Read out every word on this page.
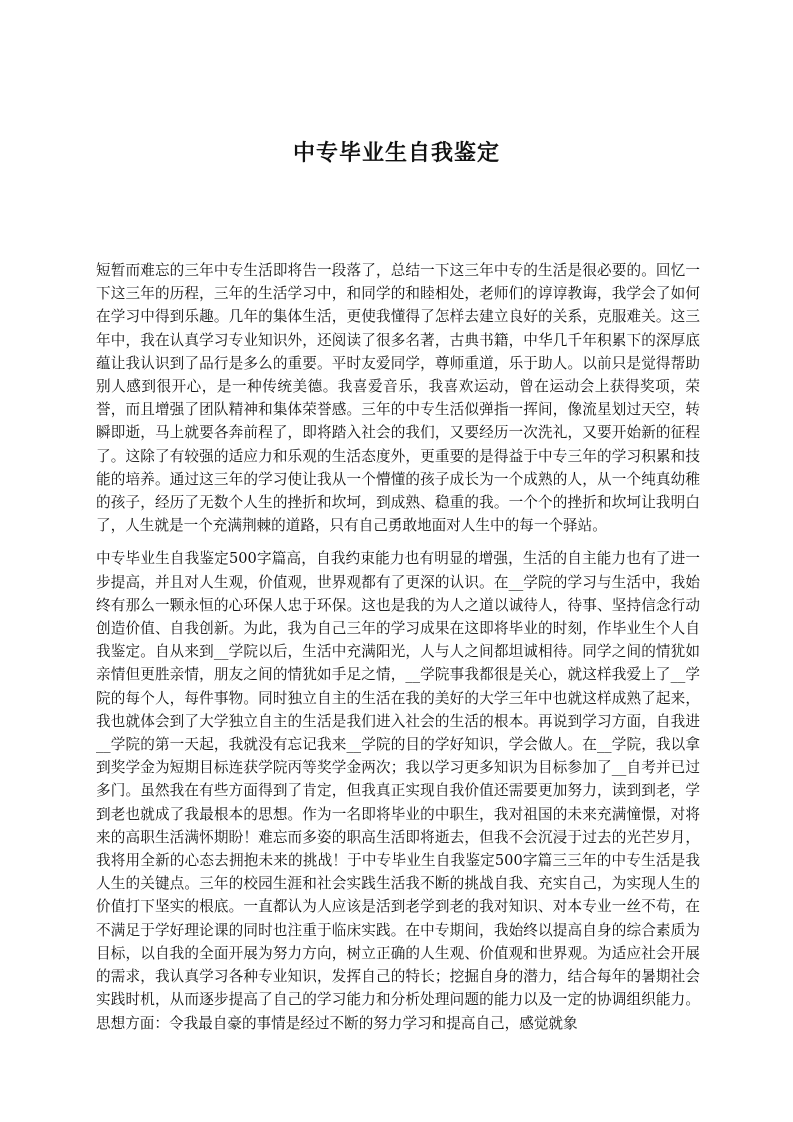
中专毕业生自我鉴定

短暂而难忘的三年中专生活即将告一段落了，总结一下这三年中专的生活是很必要的。回忆一下这三年的历程，三年的生活学习中，和同学的和睦相处，老师们的谆谆教诲，我学会了如何在学习中得到乐趣。几年的集体生活，更使我懂得了怎样去建立良好的关系，克服难关。这三年中，我在认真学习专业知识外，还阅读了很多名著，古典书籍，中华几千年积累下的深厚底蕴让我认识到了品行是多么的重要。平时友爱同学，尊师重道，乐于助人。以前只是觉得帮助别人感到很开心，是一种传统美德。我喜爱音乐，我喜欢运动，曾在运动会上获得奖项，荣誉，而且增强了团队精神和集体荣誉感。三年的中专生活似弹指一挥间，像流星划过天空，转瞬即逝，马上就要各奔前程了，即将踏入社会的我们，又要经历一次洗礼，又要开始新的征程了。这除了有较强的适应力和乐观的生活态度外，更重要的是得益于中专三年的学习积累和技能的培养。通过这三年的学习使让我从一个懵懂的孩子成长为一个成熟的人，从一个纯真幼稚的孩子，经历了无数个人生的挫折和坎坷，到成熟、稳重的我。一个个的挫折和坎坷让我明白了，人生就是一个充满荆棘的道路，只有自己勇敢地面对人生中的每一个驿站。

中专毕业生自我鉴定500字篇高，自我约束能力也有明显的增强，生活的自主能力也有了进一步提高，并且对人生观，价值观，世界观都有了更深的认识。在__学院的学习与生活中，我始终有那么一颗永恒的心环保人忠于环保。这也是我的为人之道以诚待人，待事、坚持信念行动创造价值、自我创新。为此，我为自己三年的学习成果在这即将毕业的时刻，作毕业生个人自我鉴定。自从来到__学院以后，生活中充满阳光，人与人之间都坦诚相待。同学之间的情犹如亲情但更胜亲情，朋友之间的情犹如手足之情，__学院事我都很是关心，就这样我爱上了__学院的每个人，每件事物。同时独立自主的生活在我的美好的大学三年中也就这样成熟了起来，我也就体会到了大学独立自主的生活是我们进入社会的生活的根本。再说到学习方面，自我进__学院的第一天起，我就没有忘记我来__学院的目的学好知识，学会做人。在__学院，我以拿到奖学金为短期目标连获学院丙等奖学金两次；我以学习更多知识为目标参加了__自考并已过多门。虽然我在有些方面得到了肯定，但我真正实现自我价值还需要更加努力，读到到老，学到老也就成了我最根本的思想。作为一名即将毕业的中职生，我对祖国的未来充满憧憬，对将来的高职生活满怀期盼！难忘而多姿的职高生活即将逝去，但我不会沉浸于过去的光芒岁月，我将用全新的心态去拥抱未来的挑战！于中专毕业生自我鉴定500字篇三三年的中专生活是我人生的关键点。三年的校园生涯和社会实践生活我不断的挑战自我、充实自己，为实现人生的价值打下坚实的根底。一直都认为人应该是活到老学到老的我对知识、对本专业一丝不苟，在不满足于学好理论课的同时也注重于临床实践。在中专期间，我始终以提高自身的综合素质为目标，以自我的全面开展为努力方向，树立正确的人生观、价值观和世界观。为适应社会开展的需求，我认真学习各种专业知识，发挥自己的特长；挖掘自身的潜力，结合每年的暑期社会实践时机，从而逐步提高了自己的学习能力和分析处理问题的能力以及一定的协调组织能力。思想方面：令我最自豪的事情是经过不断的努力学习和提高自己，感觉就象
